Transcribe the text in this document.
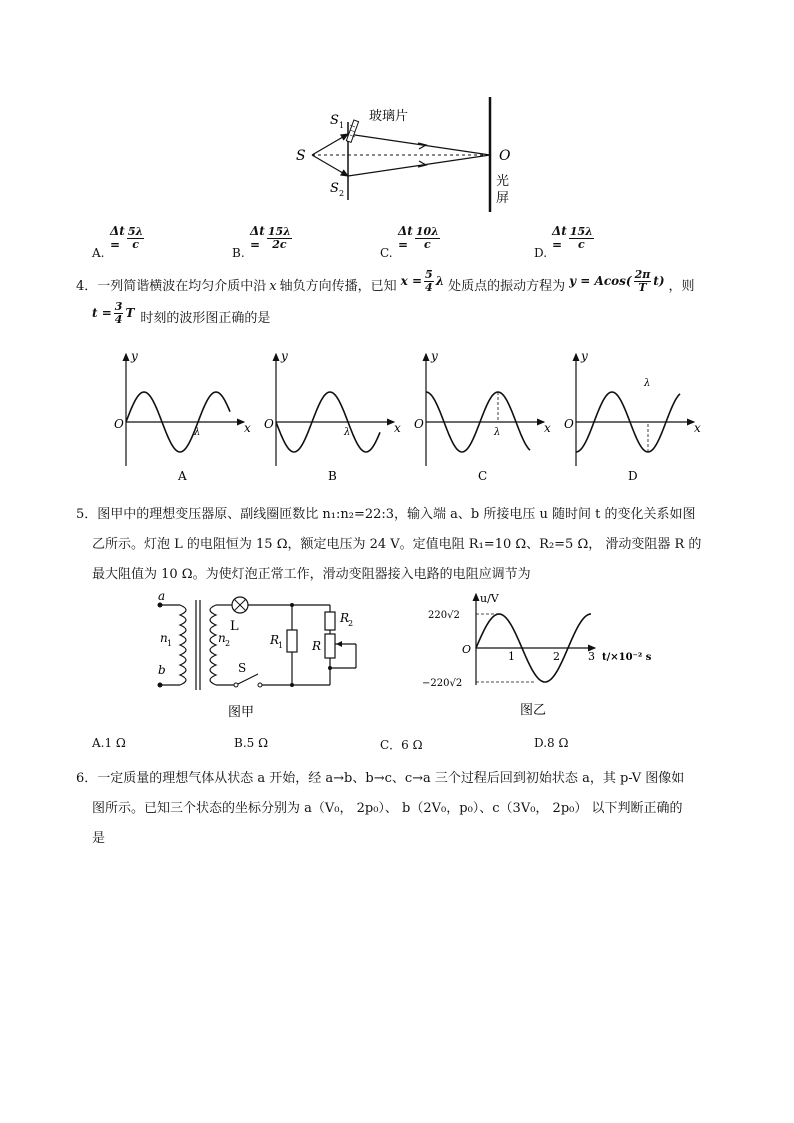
S 1
S
S 2
玻璃片
O
光
屏
A.
$\Delta t = \frac{5\lambda}{c}$
B.
$\Delta t = \frac{15\lambda}{2c}$
C.
$\Delta t = \frac{10\lambda}{c}$
D.
$\Delta t = \frac{15\lambda}{c}$
4．一列简谐横波在均匀介质中沿 x 轴负方向传播，已知 $x = \frac{5}{4}$ λ 处质点的振动方程为 $y = Acos( \frac{2\pi}{T} t)$ ，则
$t = \frac{3}{4}$ T 时刻的波形图正确的是
y
x
O
λ
A
y
x
O
λ
B
y
x
O
λ
C
y
x
O
λ
D
5．图甲中的理想变压器原、副线圈匝数比 n₁:n₂=22:3，输入端 a、b 所接电压 u 随时间 t 的变化关系如图
乙所示。灯泡 L 的电阻恒为 15 Ω，额定电压为 24 V。定值电阻 R₁=10 Ω、R₂=5 Ω， 滑动变阻器 R 的
最大阻值为 10 Ω。为使灯泡正常工作，滑动变阻器接入电路的电阻应调节为
a
b
n 1	n 2
L
R
1
R
2
R
S
图甲
u/V
220√2
−220√2
O
1	2	3 t/×10⁻² s
图乙
A.1 Ω	B.5 Ω	C．6 Ω	D.8 Ω
6．一定质量的理想气体从状态 a 开始，经 a→b、b→c、c→a 三个过程后回到初始状态 a，其 p-V 图像如
图所示。已知三个状态的坐标分别为 a（V₀， 2p₀）、 b（2V₀，p₀）、c（3V₀， 2p₀） 以下判断正确的
是
